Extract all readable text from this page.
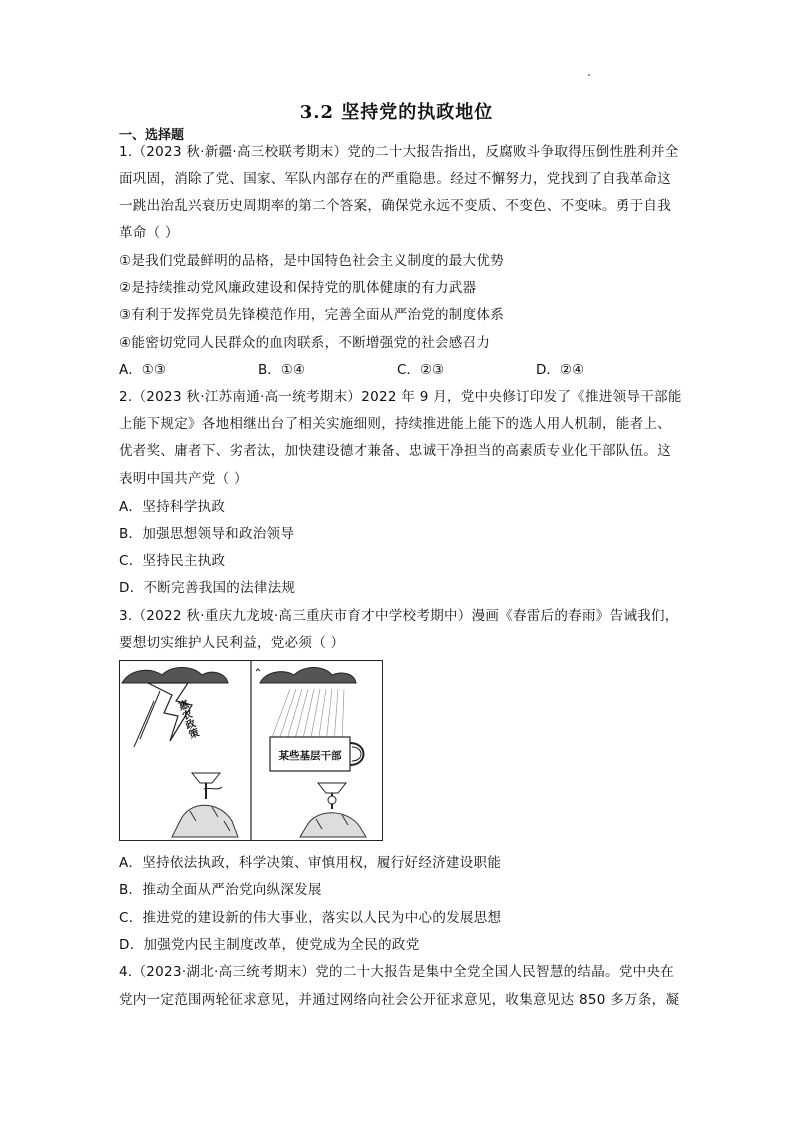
3.2 坚持党的执政地位
一、选择题
1.（2023 秋·新疆·高三校联考期末）党的二十大报告指出，反腐败斗争取得压倒性胜利并全
面巩固，消除了党、国家、军队内部存在的严重隐患。经过不懈努力，党找到了自我革命这
一跳出治乱兴衰历史周期率的第二个答案，确保党永远不变质、不变色、不变味。勇于自我
革命（ ）
①是我们党最鲜明的品格，是中国特色社会主义制度的最大优势
②是持续推动党风廉政建设和保持党的肌体健康的有力武器
③有利于发挥党员先锋模范作用，完善全面从严治党的制度体系
④能密切党同人民群众的血肉联系，不断增强党的社会感召力
A．①③	B．①④	C．②③	D．②④
2.（2023 秋·江苏南通·高一统考期末）2022 年 9 月，党中央修订印发了《推进领导干部能
上能下规定》各地相继出台了相关实施细则，持续推进能上能下的选人用人机制，能者上、
优者奖、庸者下、劣者汰，加快建设德才兼备、忠诚干净担当的高素质专业化干部队伍。这
表明中国共产党（ ）
A．坚持科学执政
B．加强思想领导和政治领导
C．坚持民主执政
D．不断完善我国的法律法规
3.（2022 秋·重庆九龙坡·高三重庆市育才中学校考期中）漫画《春雷后的春雨》告诫我们，
要想切实维护人民利益，党必须（ ）
惠农政策
某些基层干部
A．坚持依法执政，科学决策、审慎用权，履行好经济建设职能
B．推动全面从严治党向纵深发展
C．推进党的建设新的伟大事业，落实以人民为中心的发展思想
D．加强党内民主制度改革，使党成为全民的政党
4.（2023·湖北·高三统考期末）党的二十大报告是集中全党全国人民智慧的结晶。党中央在
党内一定范围两轮征求意见，并通过网络向社会公开征求意见，收集意见达 850 多万条，凝
